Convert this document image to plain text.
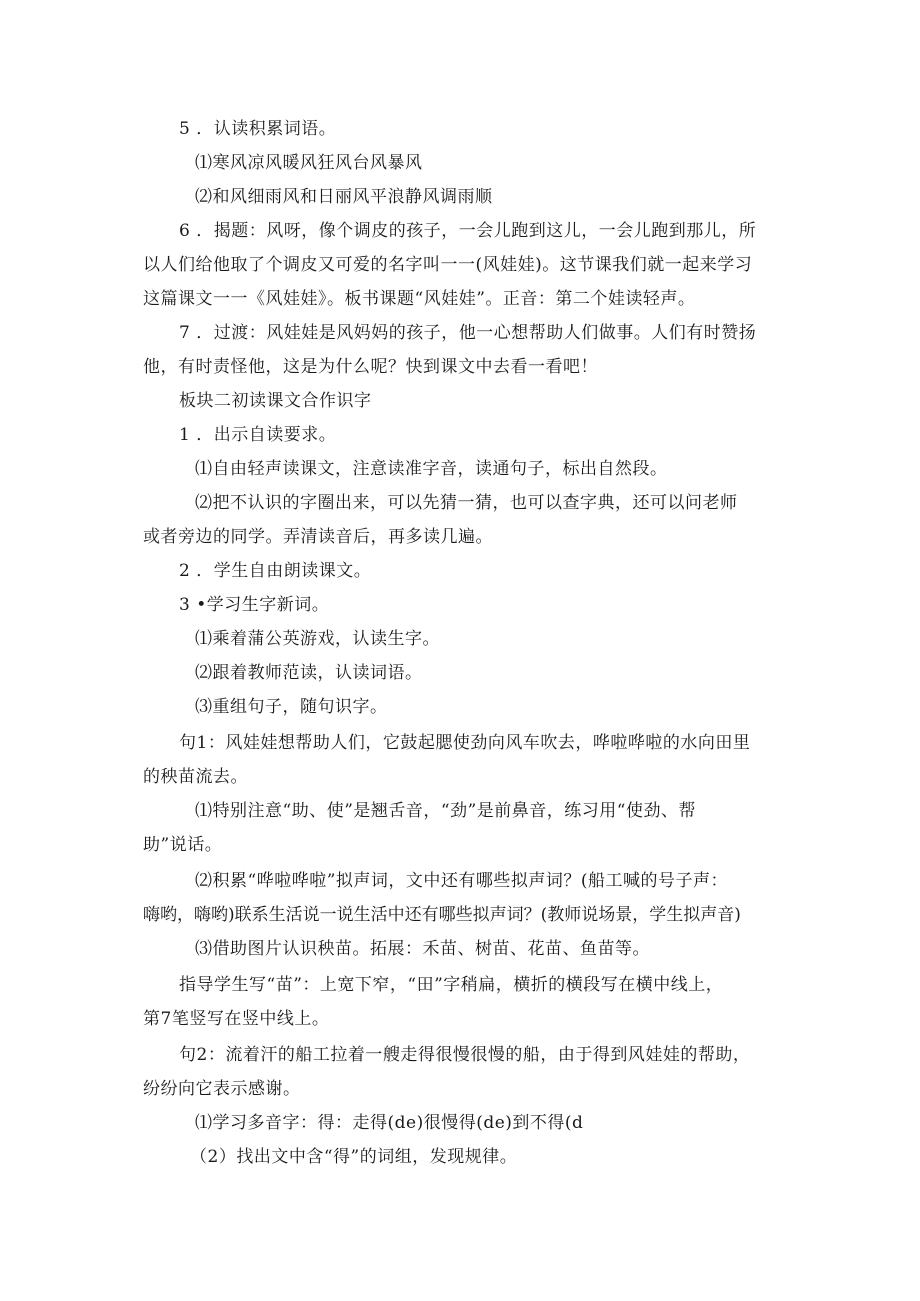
5 ．认读积累词语。
⑴寒风凉风暖风狂风台风暴风
⑵和风细雨风和日丽风平浪静风调雨顺
6 ．揭题：风呀，像个调皮的孩子，一会儿跑到这儿，一会儿跑到那儿，所
以人们给他取了个调皮又可爱的名字叫一一(风娃娃)。这节课我们就一起来学习
这篇课文一一《风娃娃》。板书课题“风娃娃”。正音：第二个娃读轻声。
7 ．过渡：风娃娃是风妈妈的孩子，他一心想帮助人们做事。人们有时赞扬
他，有时责怪他，这是为什么呢？快到课文中去看一看吧！
板块二初读课文合作识字
1 ．出示自读要求。
⑴自由轻声读课文，注意读准字音，读通句子，标出自然段。
⑵把不认识的字圈出来，可以先猜一猜，也可以查字典，还可以问老师
或者旁边的同学。弄清读音后，再多读几遍。
2 ．学生自由朗读课文。
3 •学习生字新词。
⑴乘着蒲公英游戏，认读生字。
⑵跟着教师范读，认读词语。
⑶重组句子，随句识字。
句1：风娃娃想帮助人们，它鼓起腮使劲向风车吹去，哗啦哗啦的水向田里
的秧苗流去。
⑴特别注意“助、使”是翘舌音，“劲”是前鼻音，练习用“使劲、帮
助”说话。
⑵积累“哗啦哗啦”拟声词，文中还有哪些拟声词？(船工喊的号子声：
嗨哟，嗨哟)联系生活说一说生活中还有哪些拟声词？(教师说场景，学生拟声音)
⑶借助图片认识秧苗。拓展：禾苗、树苗、花苗、鱼苗等。
指导学生写“苗”：上宽下窄，“田”字稍扁，横折的横段写在横中线上，
第7笔竖写在竖中线上。
句2：流着汗的船工拉着一艘走得很慢很慢的船，由于得到风娃娃的帮助，
纷纷向它表示感谢。
⑴学习多音字：得：走得(de)很慢得(de)到不得(d
（2）找出文中含“得”的词组，发现规律。
